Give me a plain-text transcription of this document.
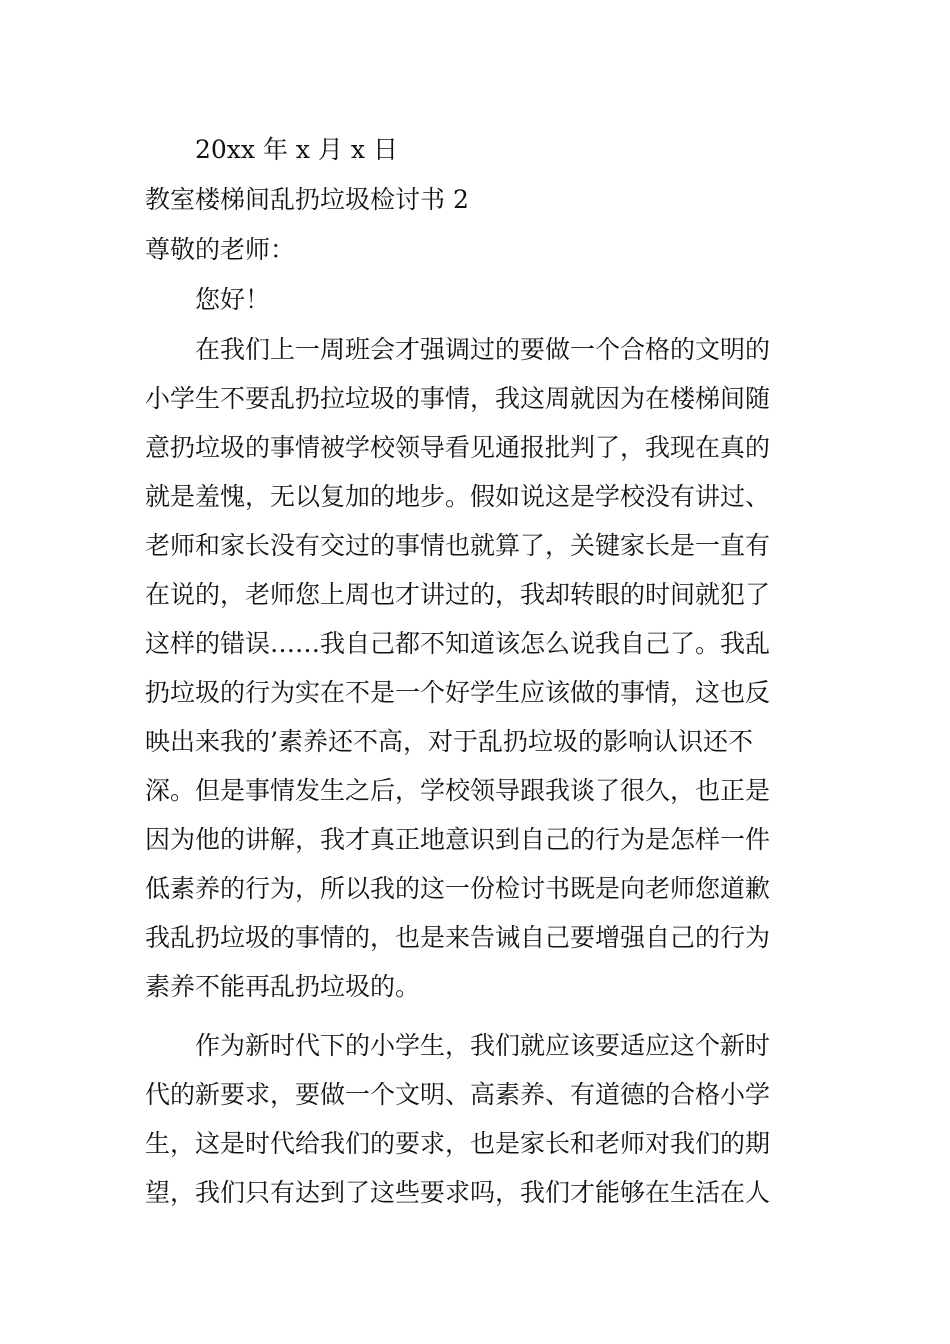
20xx 年 x 月 x 日
教室楼梯间乱扔垃圾检讨书 2
尊敬的老师：
您好！
在我们上一周班会才强调过的要做一个合格的文明的
小学生不要乱扔拉垃圾的事情，我这周就因为在楼梯间随
意扔垃圾的事情被学校领导看见通报批判了，我现在真的
就是羞愧，无以复加的地步。假如说这是学校没有讲过、
老师和家长没有交过的事情也就算了，关键家长是一直有
在说的，老师您上周也才讲过的，我却转眼的时间就犯了
这样的错误……我自己都不知道该怎么说我自己了。我乱
扔垃圾的行为实在不是一个好学生应该做的事情，这也反
映出来我的’素养还不高，对于乱扔垃圾的影响认识还不
深。但是事情发生之后，学校领导跟我谈了很久，也正是
因为他的讲解，我才真正地意识到自己的行为是怎样一件
低素养的行为，所以我的这一份检讨书既是向老师您道歉
我乱扔垃圾的事情的，也是来告诫自己要增强自己的行为
素养不能再乱扔垃圾的。
作为新时代下的小学生，我们就应该要适应这个新时
代的新要求，要做一个文明、高素养、有道德的合格小学
生，这是时代给我们的要求，也是家长和老师对我们的期
望，我们只有达到了这些要求吗，我们才能够在生活在人
